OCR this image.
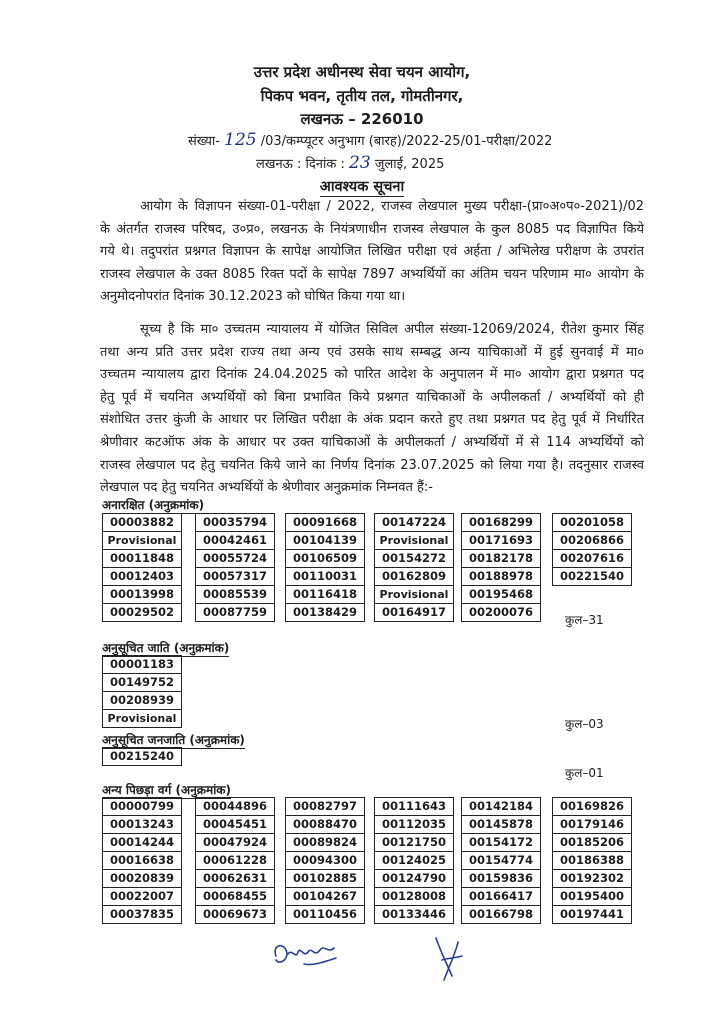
उत्तर प्रदेश अधीनस्थ सेवा चयन आयोग,
पिकप भवन, तृतीय तल, गोमतीनगर,
लखनऊ – 226010
संख्या- 125 /03/कम्प्यूटर अनुभाग (बारह)/2022-25/01-परीक्षा/2022
लखनऊ : दिनांक : 23 जुलाई, 2025
आवश्यक सूचना
आयोग के विज्ञापन संख्या-01-परीक्षा / 2022, राजस्व लेखपाल मुख्य परीक्षा-(प्रा०अ०प०-2021)/02
के अंतर्गत राजस्व परिषद, उ०प्र०, लखनऊ के नियंत्रणाधीन राजस्व लेखपाल के कुल 8085 पद विज्ञापित किये
गये थे। तदुपरांत प्रश्नगत विज्ञापन के सापेक्ष आयोजित लिखित परीक्षा एवं अर्हता / अभिलेख परीक्षण के उपरांत
राजस्व लेखपाल के उक्त 8085 रिक्त पदों के सापेक्ष 7897 अभ्यर्थियों का अंतिम चयन परिणाम मा० आयोग के
अनुमोदनोपरांत दिनांक 30.12.2023 को घोषित किया गया था।
सूच्य है कि मा० उच्चतम न्यायालय में योजित सिविल अपील संख्या-12069/2024, रीतेश कुमार सिंह
तथा अन्य प्रति उत्तर प्रदेश राज्य तथा अन्य एवं उसके साथ सम्बद्ध अन्य याचिकाओं में हुई सुनवाई में मा०
उच्चतम न्यायालय द्वारा दिनांक 24.04.2025 को पारित आदेश के अनुपालन में मा० आयोग द्वारा प्रश्नगत पद
हेतु पूर्व में चयनित अभ्यर्थियों को बिना प्रभावित किये प्रश्नगत याचिकाओं के अपीलकर्ता / अभ्यर्थियों को ही
संशोधित उत्तर कुंजी के आधार पर लिखित परीक्षा के अंक प्रदान करते हुए तथा प्रश्नगत पद हेतु पूर्व में निर्धारित
श्रेणीवार कटऑफ अंक के आधार पर उक्त याचिकाओं के अपीलकर्ता / अभ्यर्थियों में से 114 अभ्यर्थियों को
राजस्व लेखपाल पद हेतु चयनित किये जाने का निर्णय दिनांक 23.07.2025 को लिया गया है। तदनुसार राजस्व
लेखपाल पद हेतु चयनित अभ्यर्थियों के श्रेणीवार अनुक्रमांक निम्नवत हैं:-
अनारक्षित (अनुक्रमांक)
00003882
Provisional
00011848
00012403
00013998
00029502
00035794
00042461
00055724
00057317
00085539
00087759
00091668
00104139
00106509
00110031
00116418
00138429
00147224
Provisional
00154272
00162809
Provisional
00164917
00168299
00171693
00182178
00188978
00195468
00200076
00201058
00206866
00207616
00221540
कुल–31
अनुसूचित जाति (अनुक्रमांक)
00001183
00149752
00208939
Provisional	कुल–03
अनुसूचित जनजाति (अनुक्रमांक)
00215240
कुल–01
अन्य पिछड़ा वर्ग (अनुक्रमांक)
00000799
00013243
00014244
00016638
00020839
00022007
00037835
00044896
00045451
00047924
00061228
00062631
00068455
00069673
00082797
00088470
00089824
00094300
00102885
00104267
00110456
00111643
00112035
00121750
00124025
00124790
00128008
00133446
00142184
00145878
00154172
00154774
00159836
00166417
00166798
00169826
00179146
00185206
00186388
00192302
00195400
00197441
